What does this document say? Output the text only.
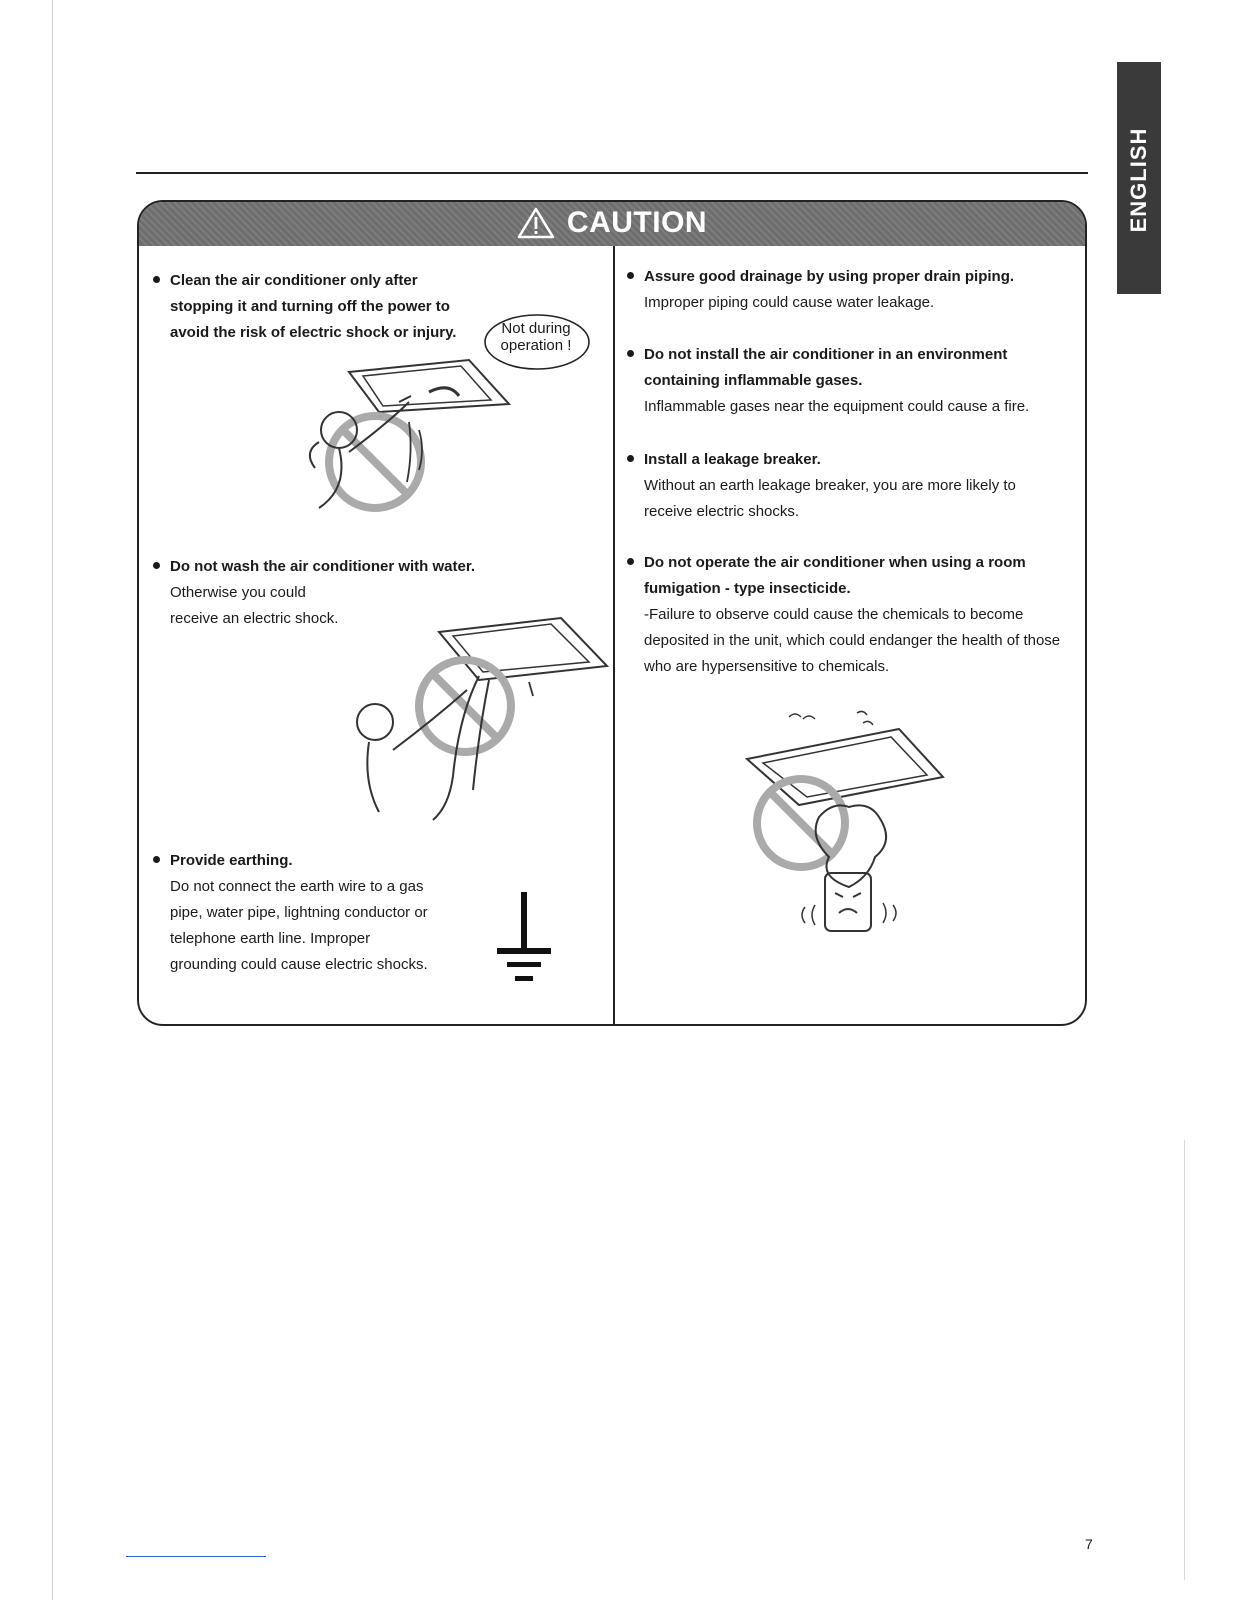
ENGLISH
CAUTION
Clean the air conditioner only after stopping it and turning off the power to avoid the risk of electric shock or injury.
Do not wash the air conditioner with water.
Otherwise you could
receive an electric shock.
Provide earthing.
Do not connect the earth wire to a gas
pipe, water pipe, lightning conductor or
telephone earth line. Improper
grounding could cause electric shocks.
Not during
operation !
Assure good drainage by using proper drain piping.
Improper piping could cause water leakage.
Do not install the air conditioner in an environment containing inflammable gases.
Inflammable gases near the equipment could cause a fire.
Install a leakage breaker.
Without an earth leakage breaker, you are more likely to receive electric shocks.
Do not operate the air conditioner when using a room fumigation - type insecticide.
-Failure to observe could cause the chemicals to become deposited in the unit, which could endanger the health of those who are hypersensitive to chemicals.
7
